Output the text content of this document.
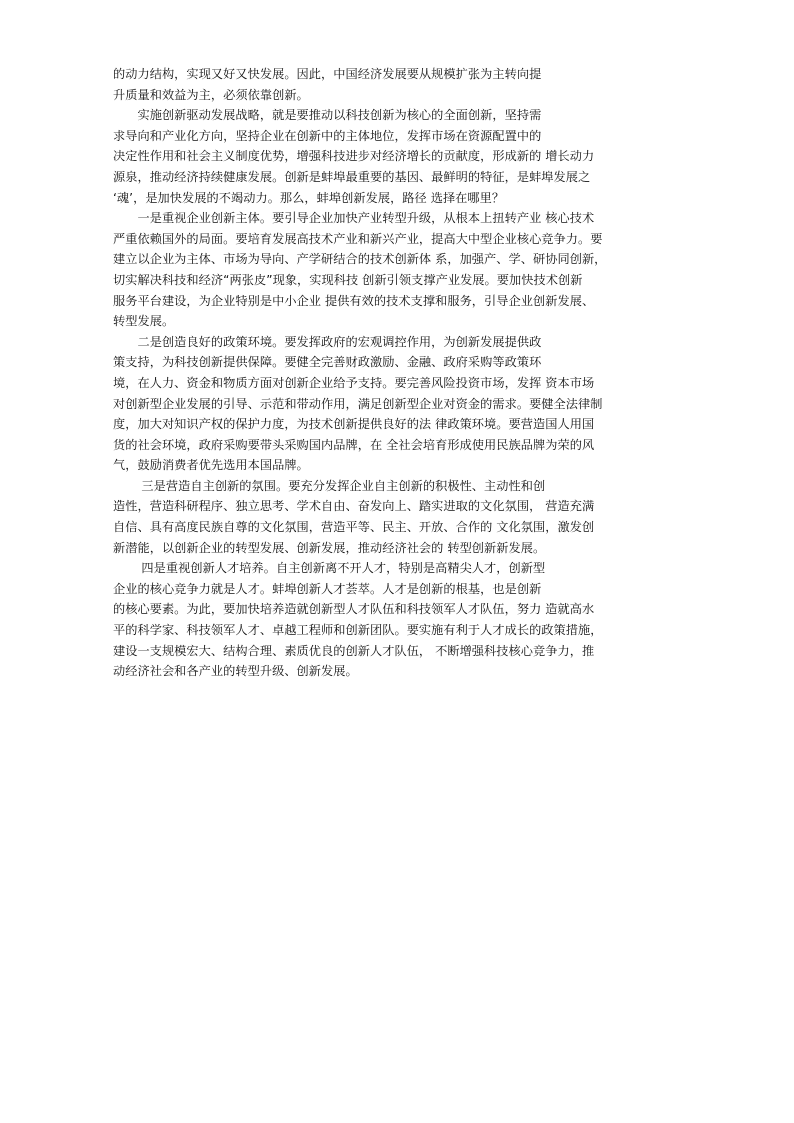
的动力结构，实现又好又快发展。因此，中国经济发展要从规模扩张为主转向提
升质量和效益为主，必须依靠创新。
　　实施创新驱动发展战略，就是要推动以科技创新为核心的全面创新，坚持需
求导向和产业化方向，坚持企业在创新中的主体地位，发挥市场在资源配置中的
决定性作用和社会主义制度优势，增强科技进步对经济增长的贡献度，形成新的 增长动力
源泉，推动经济持续健康发展。创新是蚌埠最重要的基因、最鲜明的特征，是蚌埠发展之
‘魂’，是加快发展的不竭动力。那么，蚌埠创新发展，路径 选择在哪里？
　　一是重视企业创新主体。要引导企业加快产业转型升级，从根本上扭转产业 核心技术
严重依赖国外的局面。要培育发展高技术产业和新兴产业，提高大中型企业核心竞争力。要
建立以企业为主体、市场为导向、产学研结合的技术创新体 系，加强产、学、研协同创新，
切实解决科技和经济“两张皮”现象，实现科技 创新引领支撑产业发展。要加快技术创新
服务平台建设，为企业特别是中小企业 提供有效的技术支撑和服务，引导企业创新发展、
转型发展。
　　二是创造良好的政策环境。要发挥政府的宏观调控作用，为创新发展提供政
策支持，为科技创新提供保障。要健全完善财政激励、金融、政府采购等政策环
境，在人力、资金和物质方面对创新企业给予支持。要完善风险投资市场，发挥 资本市场
对创新型企业发展的引导、示范和带动作用，满足创新型企业对资金的需求。要健全法律制
度，加大对知识产权的保护力度，为技术创新提供良好的法 律政策环境。要营造国人用国
货的社会环境，政府采购要带头采购国内品牌，在 全社会培育形成使用民族品牌为荣的风
气，鼓励消费者优先选用本国品牌。
　　 三是营造自主创新的氛围。要充分发挥企业自主创新的积极性、主动性和创
造性，营造科研程序、独立思考、学术自由、奋发向上、踏实进取的文化氛围， 营造充满
自信、具有高度民族自尊的文化氛围，营造平等、民主、开放、合作的 文化氛围，激发创
新潜能，以创新企业的转型发展、创新发展，推动经济社会的 转型创新新发展。
　　 四是重视创新人才培养。自主创新离不开人才，特别是高精尖人才，创新型
企业的核心竞争力就是人才。蚌埠创新人才荟萃。人才是创新的根基，也是创新
的核心要素。为此，要加快培养造就创新型人才队伍和科技领军人才队伍，努力 造就高水
平的科学家、科技领军人才、卓越工程师和创新团队。要实施有利于人才成长的政策措施，
建设一支规模宏大、结构合理、素质优良的创新人才队伍， 不断增强科技核心竞争力，推
动经济社会和各产业的转型升级、创新发展。
